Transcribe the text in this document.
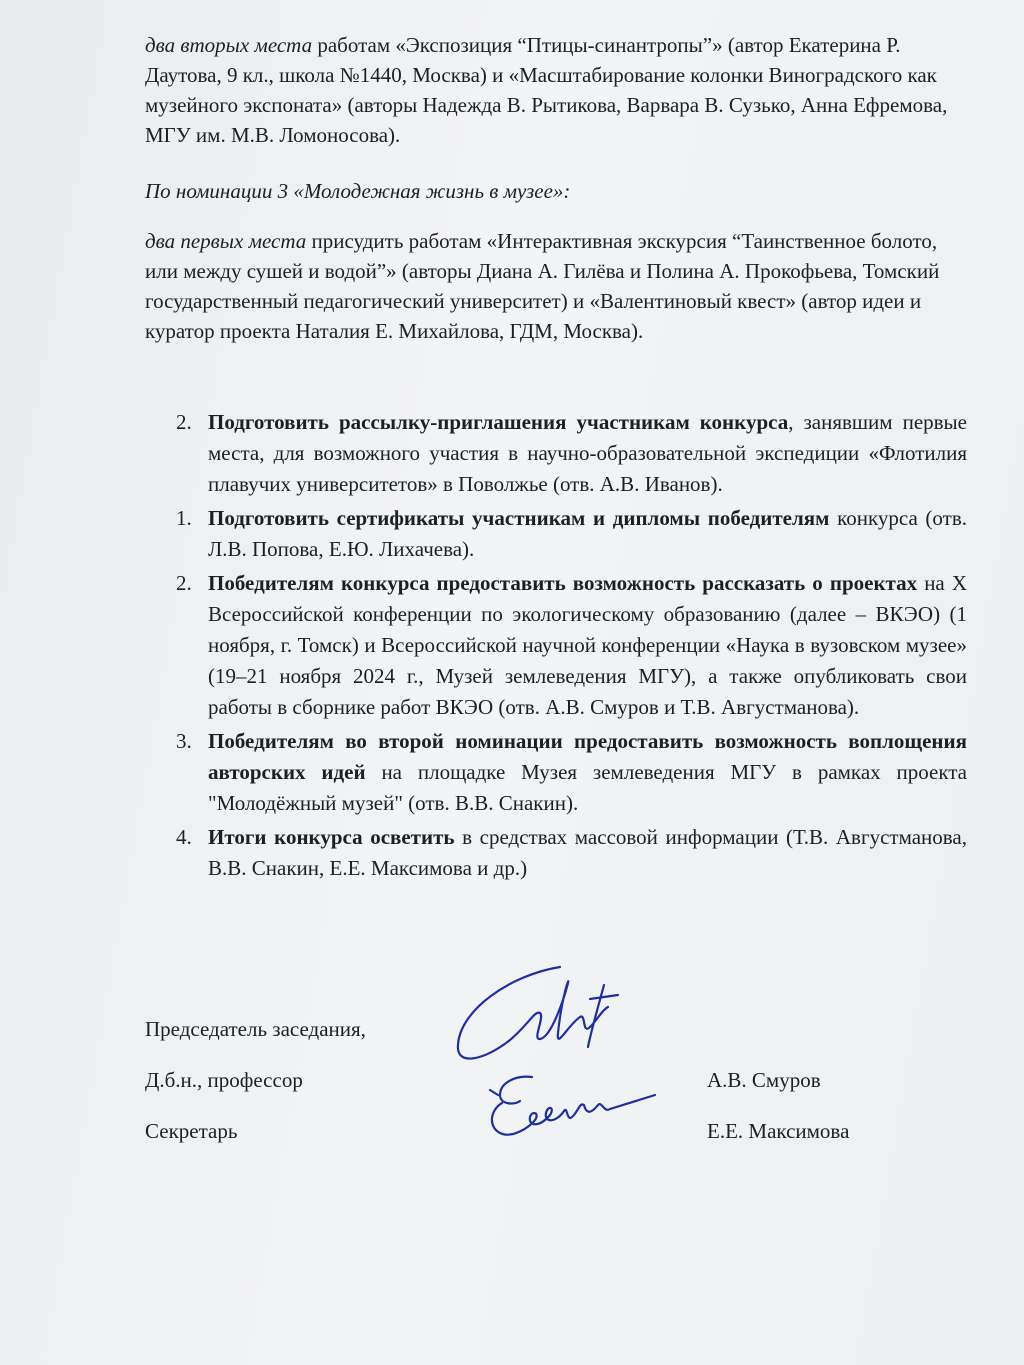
два вторых места работам «Экспозиция “Птицы-синантропы”» (автор Екатерина Р. Даутова, 9 кл., школа №1440, Москва) и «Масштабирование колонки Виноградского как музейного экспоната» (авторы Надежда В. Рытикова, Варвара В. Сузько, Анна Ефремова, МГУ им. М.В. Ломоносова).

По номинации 3 «Молодежная жизнь в музее»:

два первых места присудить работам «Интерактивная экскурсия “Таинственное болото, или между сушей и водой”» (авторы Диана А. Гилёва и Полина А. Прокофьева, Томский государственный педагогический университет) и «Валентиновый квест» (автор идеи и куратор проекта Наталия Е. Михайлова, ГДМ, Москва).

2. Подготовить рассылку-приглашения участникам конкурса, занявшим первые места, для возможного участия в научно-образовательной экспедиции «Флотилия плавучих университетов» в Поволжье (отв. А.В. Иванов).
1. Подготовить сертификаты участникам и дипломы победителям конкурса (отв. Л.В. Попова, Е.Ю. Лихачева).
2. Победителям конкурса предоставить возможность рассказать о проектах на X Всероссийской конференции по экологическому образованию (далее – ВКЭО) (1 ноября, г. Томск) и Всероссийской научной конференции «Наука в вузовском музее» (19–21 ноября 2024 г., Музей землеведения МГУ), а также опубликовать свои работы в сборнике работ ВКЭО (отв. А.В. Смуров и Т.В. Августманова).
3. Победителям во второй номинации предоставить возможность воплощения авторских идей на площадке Музея землеведения МГУ в рамках проекта "Молодёжный музей" (отв. В.В. Снакин).
4. Итоги конкурса осветить в средствах массовой информации (Т.В. Августманова, В.В. Снакин, Е.Е. Максимова и др.)
Председатель заседания,
Д.б.н., профессор	А.В. Смуров
Секретарь	Е.Е. Максимова
